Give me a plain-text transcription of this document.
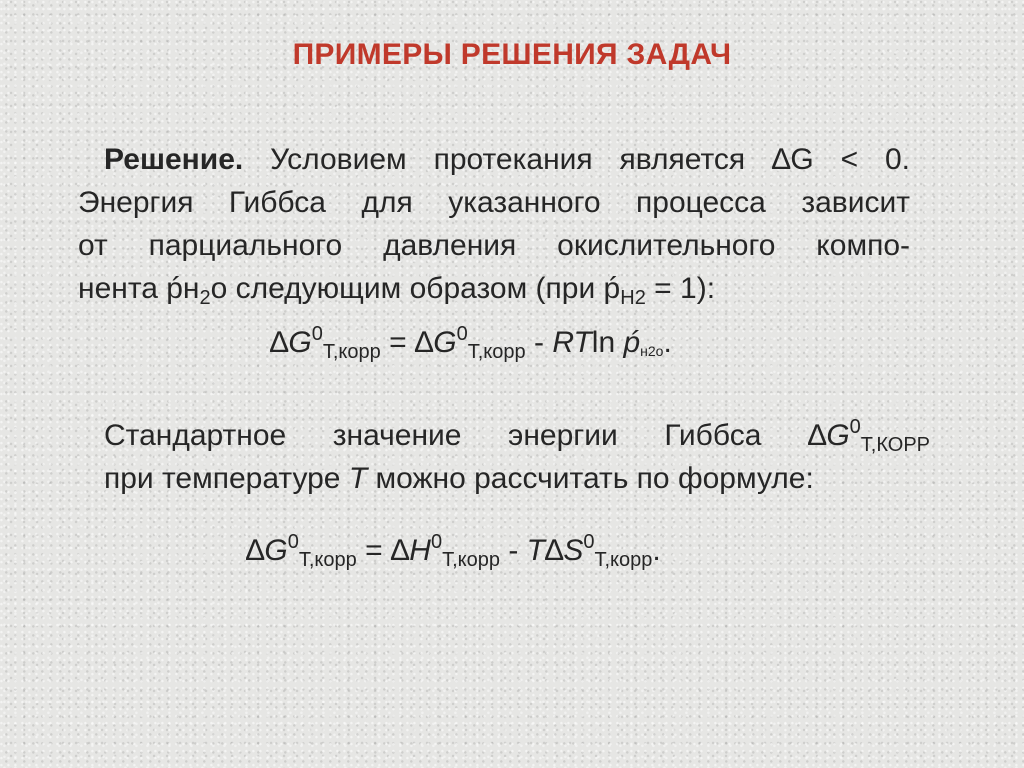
ПРИМЕРЫ РЕШЕНИЯ ЗАДАЧ
Решение. Условием протекания является ∆G < 0.
Энергия Гиббса для указанного процесса зависит
от парциального давления окислительного компо-
нента ṕн$_2$о следующим образом (при ṕ$_{Н2}$ = 1):
$\Delta G^0_{Т,корр} = \Delta G^0_{Т,корр} - RTln$ ṕн2о.
Стандартное значение энергии Гиббса $\Delta G^0_{Т,КОРР}$
при температуре Т можно рассчитать по формуле:
$\Delta G^0_{Т,корр} = \Delta H^0_{Т,корр} - T\Delta S^0_{Т,корр}$.
